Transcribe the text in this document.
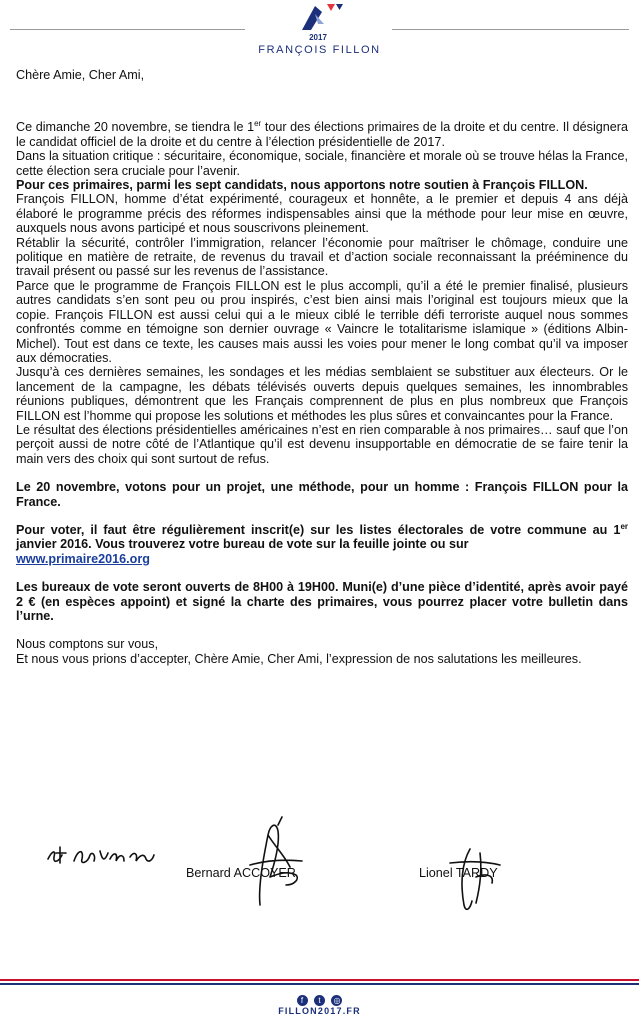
2017
FRANÇOIS FILLON

Chère Amie, Cher Ami,

Ce dimanche 20 novembre, se tiendra le 1er tour des élections primaires de la droite et du centre. Il désignera le candidat officiel de la droite et du centre à l’élection présidentielle de 2017.

Dans la situation critique : sécuritaire, économique, sociale, financière et morale où se trouve hélas la France, cette élection sera cruciale pour l’avenir.

Pour ces primaires, parmi les sept candidats, nous apportons notre soutien à François FILLON.

François FILLON, homme d’état expérimenté, courageux et honnête, a le premier et depuis 4 ans déjà élaboré le programme précis des réformes indispensables ainsi que la méthode pour leur mise en œuvre, auxquels nous avons participé et nous souscrivons pleinement.

Rétablir la sécurité, contrôler l’immigration, relancer l’économie pour maîtriser le chômage, conduire une politique en matière de retraite, de revenus du travail et d’action sociale reconnaissant la prééminence du travail présent ou passé sur les revenus de l’assistance.

Parce que le programme de François FILLON est le plus accompli, qu’il a été le premier finalisé, plusieurs autres candidats s’en sont peu ou prou inspirés, c’est bien ainsi mais l’original est toujours mieux que la copie. François FILLON est aussi celui qui a le mieux ciblé le terrible défi terroriste auquel nous sommes confrontés comme en témoigne son dernier ouvrage « Vaincre le totalitarisme islamique » (éditions Albin-Michel). Tout est dans ce texte, les causes mais aussi les voies pour mener le long combat qu’il va imposer aux démocraties.

Jusqu’à ces dernières semaines, les sondages et les médias semblaient se substituer aux électeurs. Or le lancement de la campagne, les débats télévisés ouverts depuis quelques semaines, les innombrables réunions publiques, démontrent que les Français comprennent de plus en plus nombreux que François FILLON est l’homme qui propose les solutions et méthodes les plus sûres et convaincantes pour la France.

Le résultat des élections présidentielles américaines n’est en rien comparable à nos primaires… sauf que l’on perçoit aussi de notre côté de l’Atlantique qu’il est devenu insupportable en démocratie de se faire tenir la main vers des choix qui sont surtout de refus.

Le 20 novembre, votons pour un projet, une méthode, pour un homme : François FILLON pour la France.

Pour voter, il faut être régulièrement inscrit(e) sur les listes électorales de votre commune au 1er janvier 2016. Vous trouverez votre bureau de vote sur la feuille jointe ou sur
www.primaire2016.org

Les bureaux de vote seront ouverts de 8H00 à 19H00. Muni(e) d’une pièce d’identité, après avoir payé 2 € (en espèces appoint) et signé la charte des primaires, vous pourrez placer votre bulletin dans l’urne.

Nous comptons sur vous,

Et nous vous prions d’accepter, Chère Amie, Cher Ami, l’expression de nos salutations les meilleures.

Bernard ACCOYER	Lionel TARDY
f t ◎
FILLON2017.FR
